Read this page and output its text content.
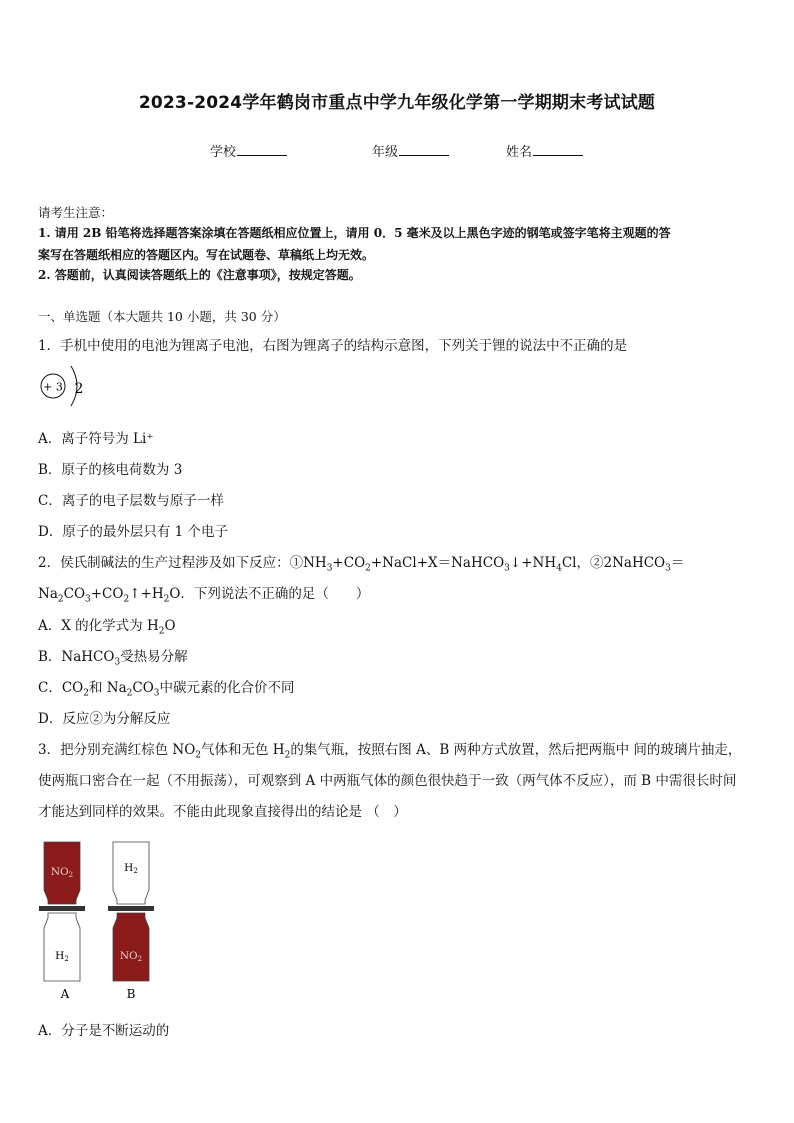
2023-2024学年鹤岗市重点中学九年级化学第一学期期末考试试题
学校	年级	姓名
请考生注意：
1. 请用 2B 铅笔将选择题答案涂填在答题纸相应位置上，请用 0．5 毫米及以上黑色字迹的钢笔或签字笔将主观题的答
案写在答题纸相应的答题区内。写在试题卷、草稿纸上均无效。
2. 答题前，认真阅读答题纸上的《注意事项》，按规定答题。
一、单选题（本大题共 10 小题，共 30 分）
1．手机中使用的电池为锂离子电池，右图为锂离子的结构示意图，下列关于锂的说法中不正确的是
+ 3 2
A．离子符号为 Li⁺
B．原子的核电荷数为 3
C．离子的电子层数与原子一样
D．原子的最外层只有 1 个电子
2．侯氏制碱法的生产过程涉及如下反应：$①NH_3+CO_2+NaCl+X=NaHCO_3↓+NH_4Cl$，②2NaHCO$_3$＝
$Na_2CO_3+CO_2↑+H_2O$．下列说法不正确的足（　　）
A．X 的化学式为 $H_2O$
B．NaHCO$_3$受热易分解
C．$CO_2$和 $Na_2CO_3$中碳元素的化合价不同
D．反应②为分解反应
3．把分别充满红棕色 $NO_2$气体和无色 $H_2$的集气瓶，按照右图 A、B 两种方式放置，然后把两瓶中 间的玻璃片抽走，
使两瓶口密合在一起（不用振荡），可观察到 A 中两瓶气体的颜色很快趋于一致（两气体不反应），而 B 中需很长时间
才能达到同样的效果。不能由此现象直接得出的结论是 （　）
NO2
H2
A
H2
NO2
B
A．分子是不断运动的
